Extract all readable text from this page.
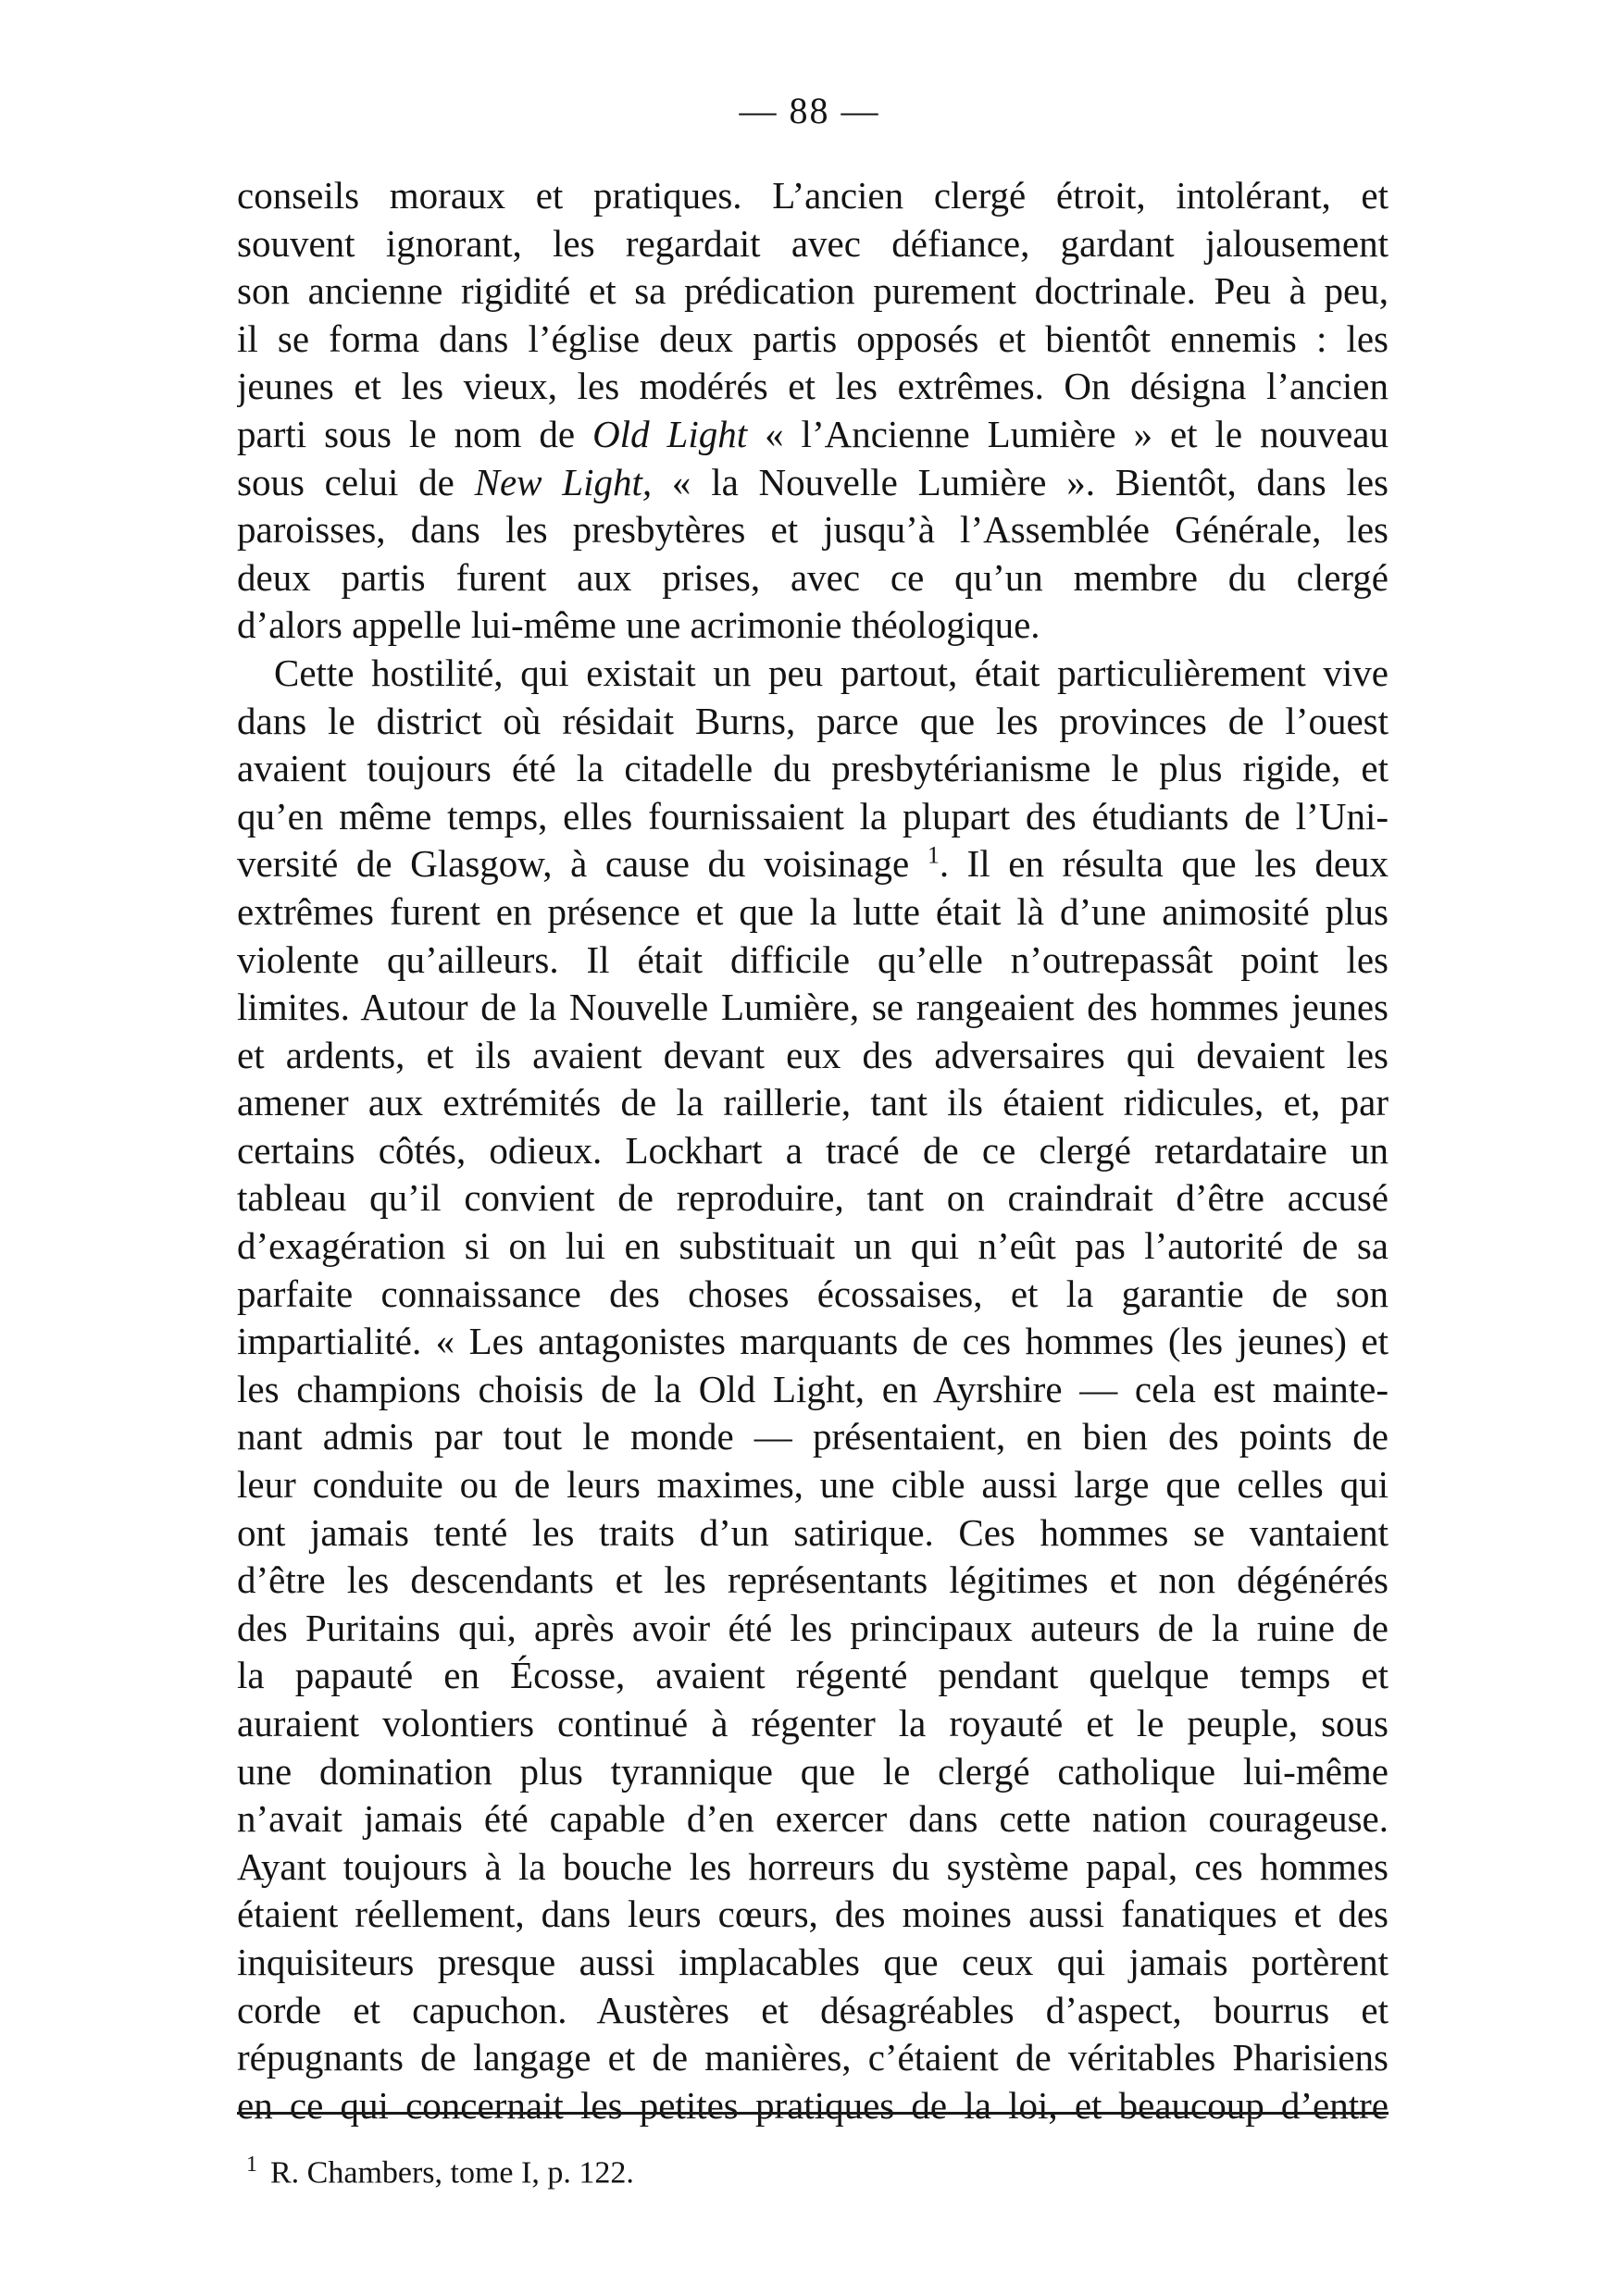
— 88 —
conseils moraux et pratiques. L’ancien clergé étroit, intolérant, et
souvent ignorant, les regardait avec défiance, gardant jalousement
son ancienne rigidité et sa prédication purement doctrinale. Peu à peu,
il se forma dans l’église deux partis opposés et bientôt ennemis : les
jeunes et les vieux, les modérés et les extrêmes. On désigna l’ancien
parti sous le nom de Old Light « l’Ancienne Lumière » et le nouveau
sous celui de New Light, « la Nouvelle Lumière ». Bientôt, dans les
paroisses, dans les presbytères et jusqu’à l’Assemblée Générale, les
deux partis furent aux prises, avec ce qu’un membre du clergé
d’alors appelle lui-même une acrimonie théologique.
Cette hostilité, qui existait un peu partout, était particulièrement vive
dans le district où résidait Burns, parce que les provinces de l’ouest
avaient toujours été la citadelle du presbytérianisme le plus rigide, et
qu’en même temps, elles fournissaient la plupart des étudiants de l’Uni-
versité de Glasgow, à cause du voisinage $^1$. Il en résulta que les deux
extrêmes furent en présence et que la lutte était là d’une animosité plus
violente qu’ailleurs. Il était difficile qu’elle n’outrepassât point les
limites. Autour de la Nouvelle Lumière, se rangeaient des hommes jeunes
et ardents, et ils avaient devant eux des adversaires qui devaient les
amener aux extrémités de la raillerie, tant ils étaient ridicules, et, par
certains côtés, odieux. Lockhart a tracé de ce clergé retardataire un
tableau qu’il convient de reproduire, tant on craindrait d’être accusé
d’exagération si on lui en substituait un qui n’eût pas l’autorité de sa
parfaite connaissance des choses écossaises, et la garantie de son
impartialité. « Les antagonistes marquants de ces hommes (les jeunes) et
les champions choisis de la Old Light, en Ayrshire — cela est mainte-
nant admis par tout le monde — présentaient, en bien des points de
leur conduite ou de leurs maximes, une cible aussi large que celles qui
ont jamais tenté les traits d’un satirique. Ces hommes se vantaient
d’être les descendants et les représentants légitimes et non dégénérés
des Puritains qui, après avoir été les principaux auteurs de la ruine de
la papauté en Écosse, avaient régenté pendant quelque temps et
auraient volontiers continué à régenter la royauté et le peuple, sous
une domination plus tyrannique que le clergé catholique lui-même
n’avait jamais été capable d’en exercer dans cette nation courageuse.
Ayant toujours à la bouche les horreurs du système papal, ces hommes
étaient réellement, dans leurs cœurs, des moines aussi fanatiques et des
inquisiteurs presque aussi implacables que ceux qui jamais portèrent
corde et capuchon. Austères et désagréables d’aspect, bourrus et
répugnants de langage et de manières, c’étaient de véritables Pharisiens
en ce qui concernait les petites pratiques de la loi, et beaucoup d’entre
$^1$ R. Chambers, tome I, p. 122.
